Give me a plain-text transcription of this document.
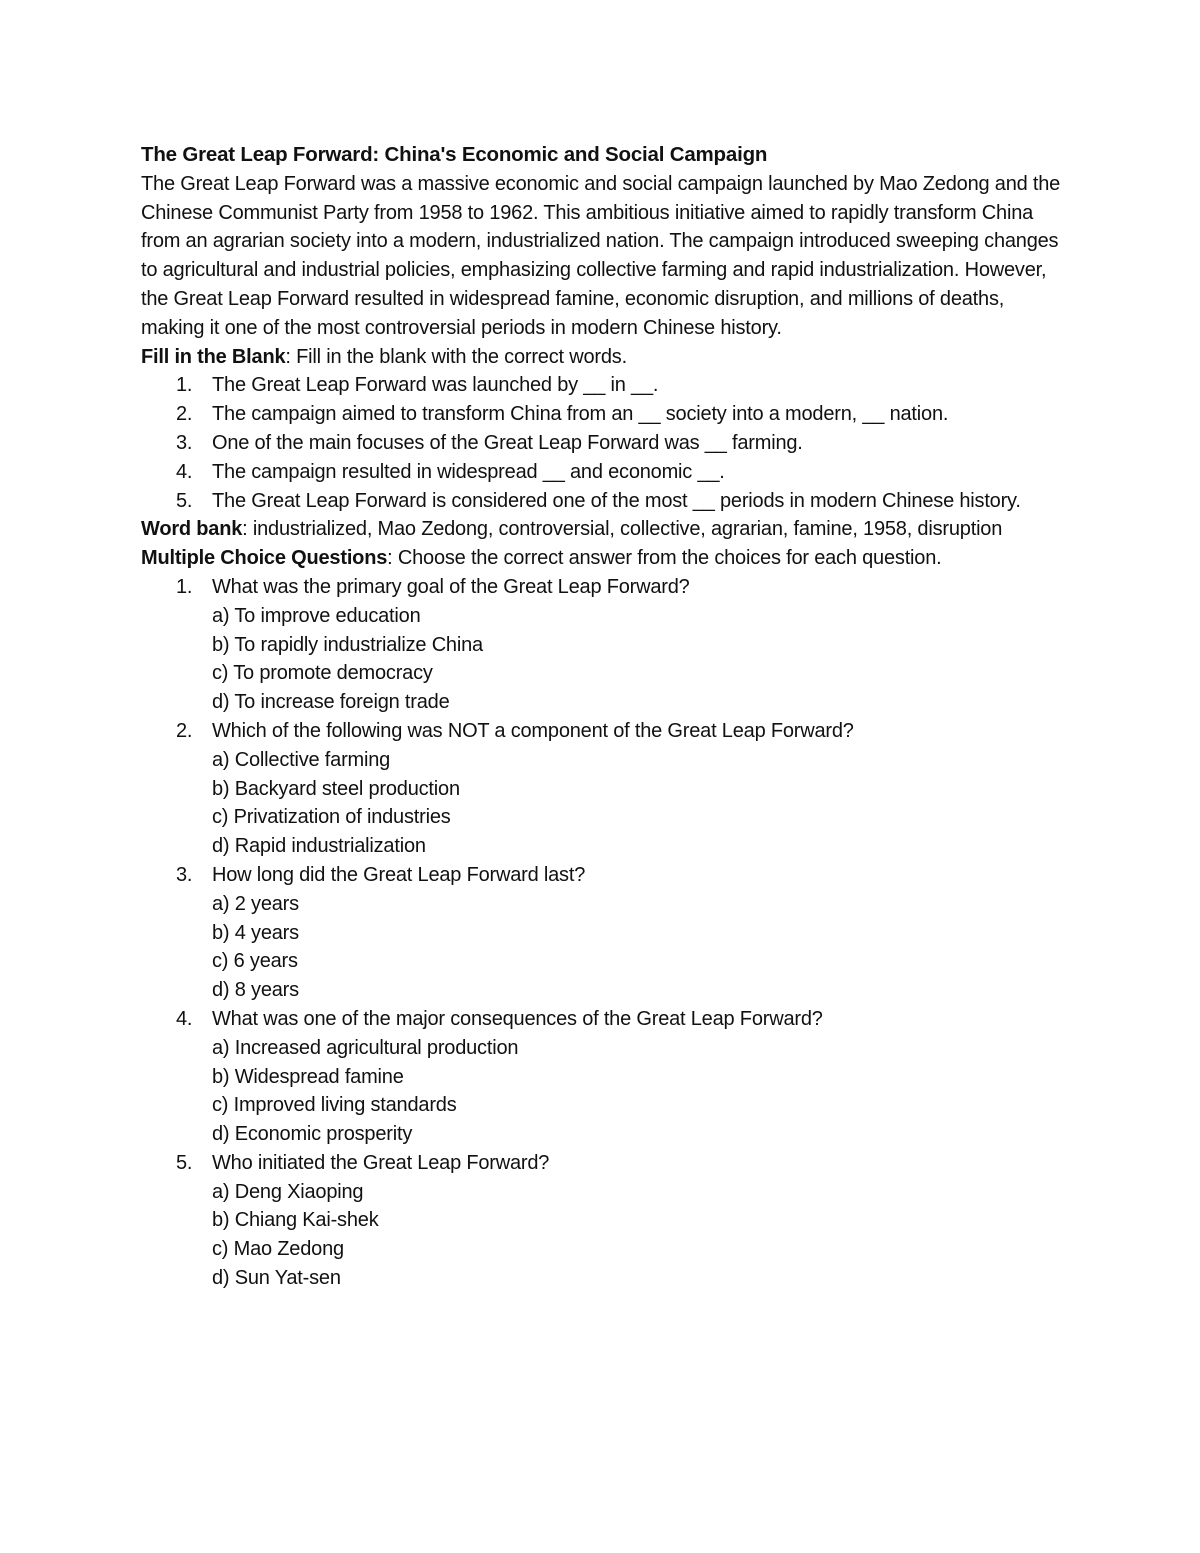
The Great Leap Forward: China's Economic and Social Campaign

The Great Leap Forward was a massive economic and social campaign launched by Mao Zedong and the Chinese Communist Party from 1958 to 1962. This ambitious initiative aimed to rapidly transform China from an agrarian society into a modern, industrialized nation. The campaign introduced sweeping changes to agricultural and industrial policies, emphasizing collective farming and rapid industrialization. However, the Great Leap Forward resulted in widespread famine, economic disruption, and millions of deaths, making it one of the most controversial periods in modern Chinese history.

Fill in the Blank: Fill in the blank with the correct words.

1. The Great Leap Forward was launched by __ in __.
2. The campaign aimed to transform China from an __ society into a modern, __ nation.
3. One of the main focuses of the Great Leap Forward was __ farming.
4. The campaign resulted in widespread __ and economic __.
5. The Great Leap Forward is considered one of the most __ periods in modern Chinese history.

Word bank: industrialized, Mao Zedong, controversial, collective, agrarian, famine, 1958, disruption

Multiple Choice Questions: Choose the correct answer from the choices for each question.

1. What was the primary goal of the Great Leap Forward?
a) To improve education
b) To rapidly industrialize China
c) To promote democracy
d) To increase foreign trade
2. Which of the following was NOT a component of the Great Leap Forward?
a) Collective farming
b) Backyard steel production
c) Privatization of industries
d) Rapid industrialization
3. How long did the Great Leap Forward last?
a) 2 years
b) 4 years
c) 6 years
d) 8 years
4. What was one of the major consequences of the Great Leap Forward?
a) Increased agricultural production
b) Widespread famine
c) Improved living standards
d) Economic prosperity
5. Who initiated the Great Leap Forward?
a) Deng Xiaoping
b) Chiang Kai-shek
c) Mao Zedong
d) Sun Yat-sen
